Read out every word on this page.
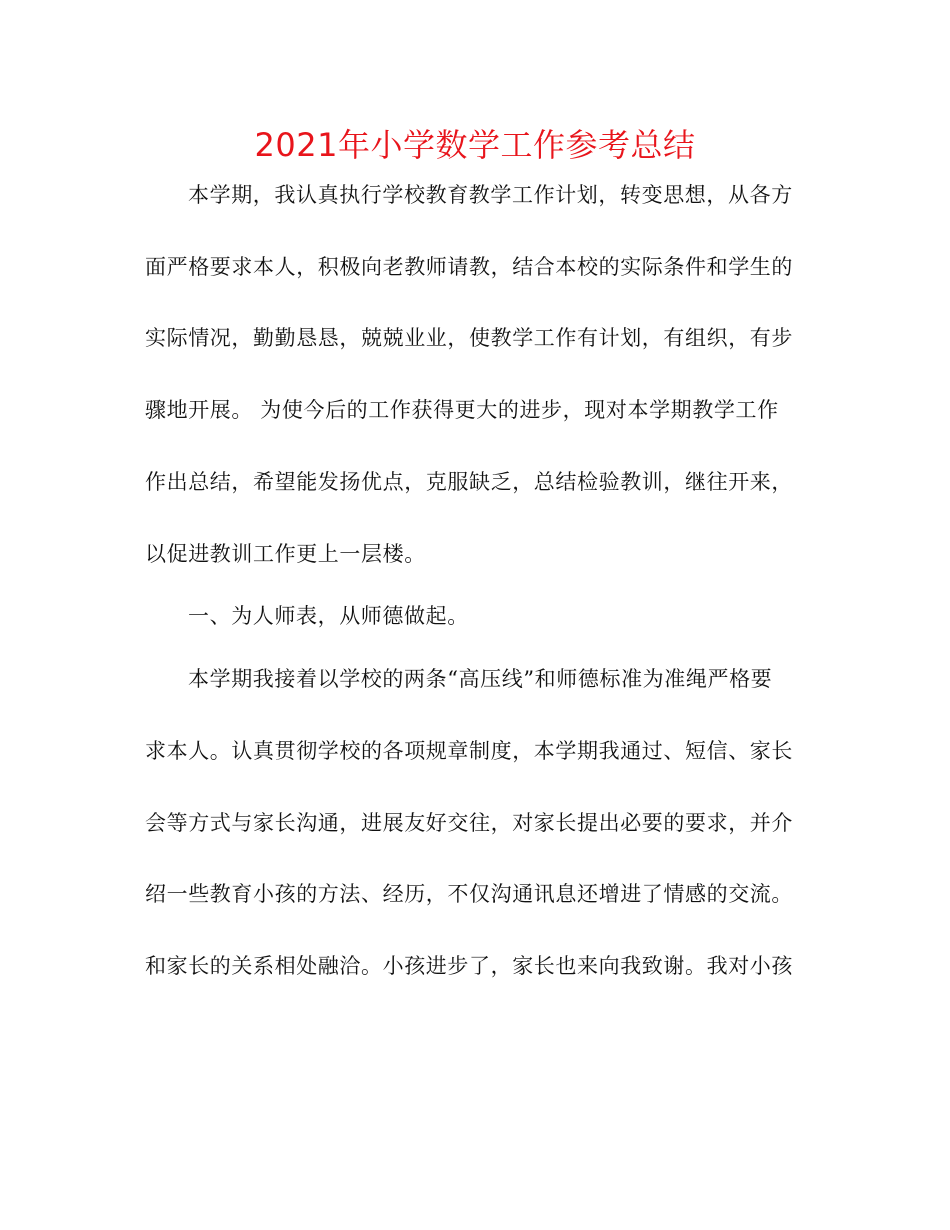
2021年小学数学工作参考总结
本学期，我认真执行学校教育教学工作计划，转变思想，从各方
面严格要求本人，积极向老教师请教，结合本校的实际条件和学生的
实际情况，勤勤恳恳，兢兢业业，使教学工作有计划，有组织，有步
骤地开展。 为使今后的工作获得更大的进步，现对本学期教学工作
作出总结，希望能发扬优点，克服缺乏，总结检验教训，继往开来，
以促进教训工作更上一层楼。
一、为人师表，从师德做起。
本学期我接着以学校的两条“高压线”和师德标准为准绳严格要
求本人。认真贯彻学校的各项规章制度，本学期我通过、短信、家长
会等方式与家长沟通，进展友好交往，对家长提出必要的要求，并介
绍一些教育小孩的方法、经历，不仅沟通讯息还增进了情感的交流。
和家长的关系相处融洽。小孩进步了，家长也来向我致谢。我对小孩
